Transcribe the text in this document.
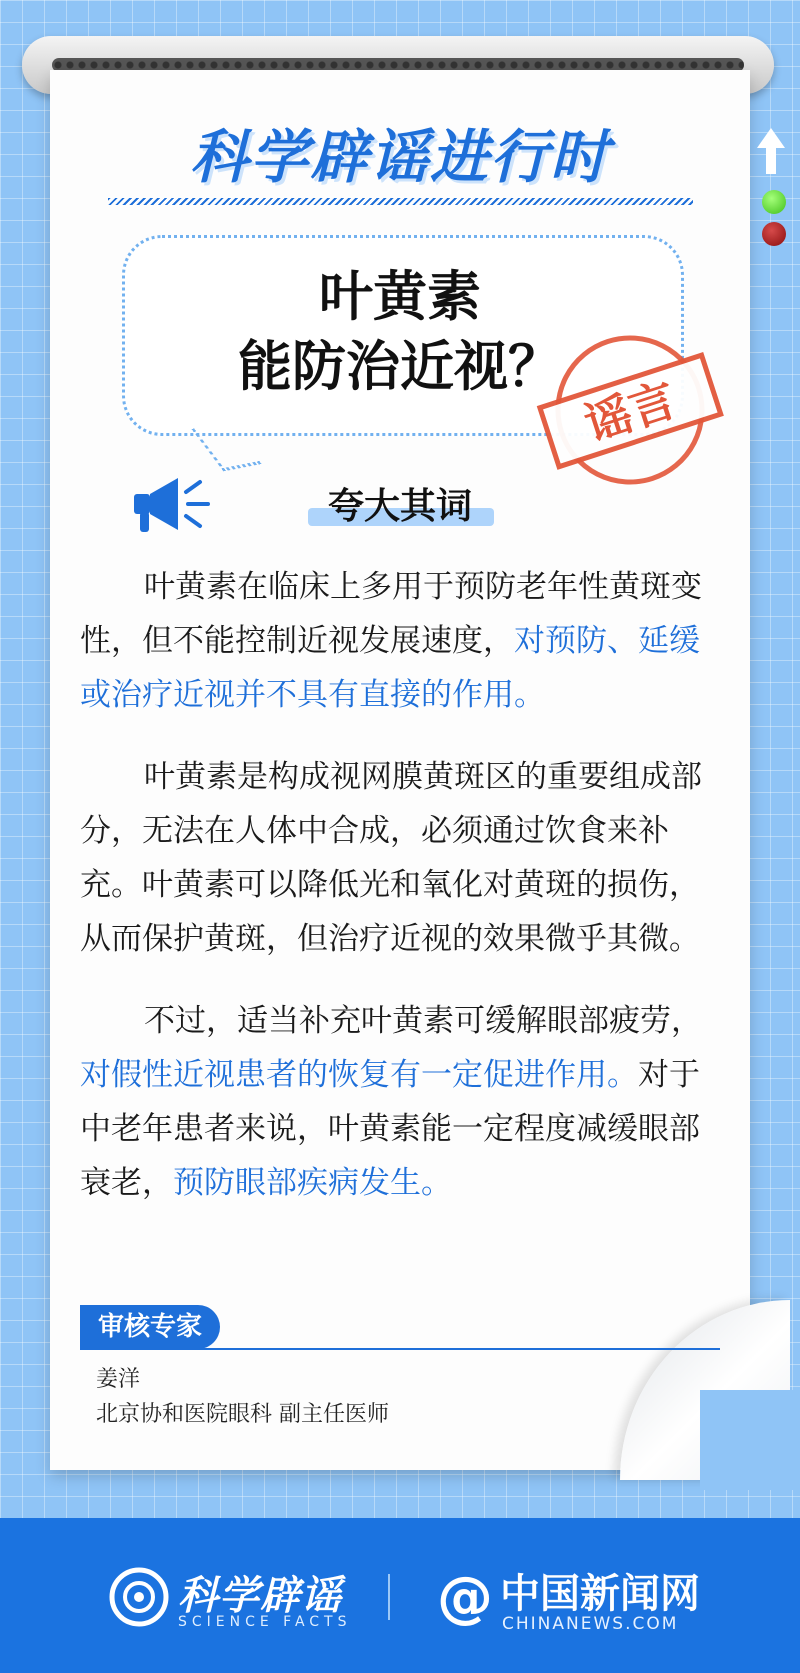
科学辟谣进行时
叶黄素
能防治近视？
谣言
夸大其词

叶黄素在临床上多用于预防老年性黄斑变性，但不能控制近视发展速度，对预防、延缓或治疗近视并不具有直接的作用。

叶黄素是构成视网膜黄斑区的重要组成部分，无法在人体中合成，必须通过饮食来补充。叶黄素可以降低光和氧化对黄斑的损伤，从而保护黄斑，但治疗近视的效果微乎其微。

不过，适当补充叶黄素可缓解眼部疲劳，对假性近视患者的恢复有一定促进作用。对于中老年患者来说，叶黄素能一定程度减缓眼部衰老，预防眼部疾病发生。

审核专家
姜洋
北京协和医院眼科 副主任医师
科学辟谣
SCIENCE FACTS @ 中国新闻网
CHINANEWS.COM
